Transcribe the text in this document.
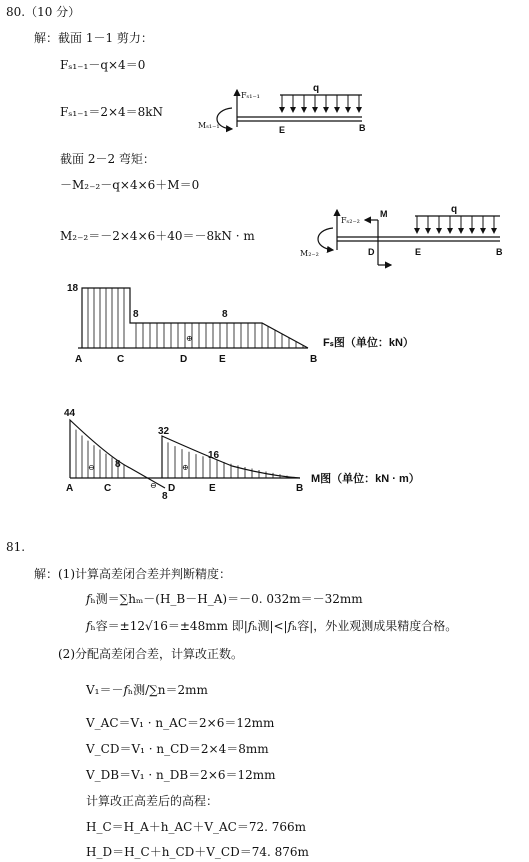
80.（10 分）
解：截面 1－1 剪力：
Fₛ₁₋₁－q×4＝0
Fₛ₁₋₁＝2×4＝8kN
截面 2－2 弯矩：
－M₂₋₂－q×4×6＋M＝0
M₂₋₂＝－2×4×6＋40＝－8kN · m
Fₛ₁₋₁
Mₛ₁₋₁
q
E	B
Fₛ₂₋₂
M
M₂₋₂
q
D	E	B
⊕
18
8	8
A	C	D	E	B
Fₛ图（单位：kN）
⊖	⊕
⊖
44
8
8
32
16
A	C	D	E	B
M图（单位：kN · m）
81.
解：(1)计算高差闭合差并判断精度：
𝑓ₕ测＝∑hₘ－(H_B－H_A)＝－0. 032m＝－32mm
𝑓ₕ容＝±12√16＝±48mm 即|𝑓ₕ测|<|𝑓ₕ容|，外业观测成果精度合格。
(2)分配高差闭合差，计算改正数。
V₁＝－𝑓ₕ测/∑n＝2mm
V_AC＝V₁ · n_AC＝2×6＝12mm
V_CD＝V₁ · n_CD＝2×4＝8mm
V_DB＝V₁ · n_DB＝2×6＝12mm
计算改正高差后的高程：
H_C＝H_A＋h_AC＋V_AC＝72. 766m
H_D＝H_C＋h_CD＋V_CD＝74. 876m
